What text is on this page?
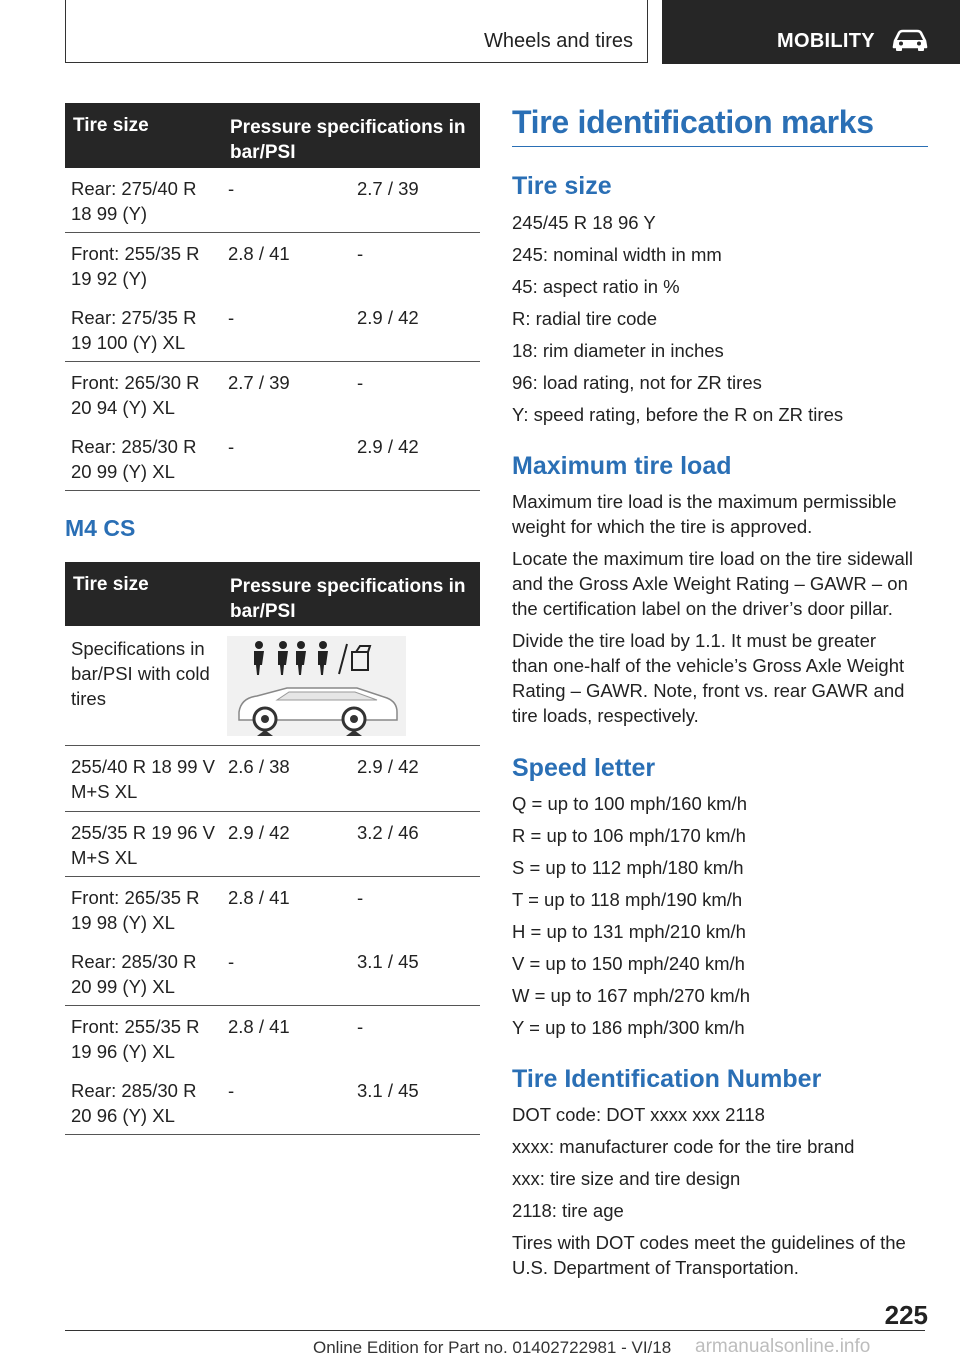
Wheels and tires	MOBILITY
Tire size	Pressure specifications in bar/PSI
Rear: 275/40 R 18 99 (Y)
-	2.7 / 39
Front: 255/35 R 19 92 (Y)
2.8 / 41	-
Rear: 275/35 R 19 100 (Y) XL
-	2.9 / 42
Front: 265/30 R 20 94 (Y) XL
2.7 / 39	-
Rear: 285/30 R 20 99 (Y) XL
-	2.9 / 42
M4 CS
Tire size	Pressure specifications in bar/PSI
Specifications in bar/PSI with cold tires
255/40 R 18 99 V M+S XL
2.6 / 38	2.9 / 42
255/35 R 19 96 V M+S XL
2.9 / 42	3.2 / 46
Front: 265/35 R 19 98 (Y) XL
2.8 / 41	-
Rear: 285/30 R 20 99 (Y) XL
-	3.1 / 45
Front: 255/35 R 19 96 (Y) XL
2.8 / 41	-
Rear: 285/30 R 20 96 (Y) XL
-	3.1 / 45
Tire identification marks
Tire size
245/45 R 18 96 Y
245: nominal width in mm
45: aspect ratio in %
R: radial tire code
18: rim diameter in inches
96: load rating, not for ZR tires
Y: speed rating, before the R on ZR tires
Maximum tire load
Maximum tire load is the maximum permissible
weight for which the tire is approved.
Locate the maximum tire load on the tire sidewall
and the Gross Axle Weight Rating – GAWR – on
the certification label on the driver’s door pillar.
Divide the tire load by 1.1. It must be greater
than one-half of the vehicle’s Gross Axle Weight
Rating – GAWR. Note, front vs. rear GAWR and
tire loads, respectively.
Speed letter
Q = up to 100 mph/160 km/h
R = up to 106 mph/170 km/h
S = up to 112 mph/180 km/h
T = up to 118 mph/190 km/h
H = up to 131 mph/210 km/h
V = up to 150 mph/240 km/h
W = up to 167 mph/270 km/h
Y = up to 186 mph/300 km/h
Tire Identification Number
DOT code: DOT xxxx xxx 2118
xxxx: manufacturer code for the tire brand
xxx: tire size and tire design
2118: tire age
Tires with DOT codes meet the guidelines of the
U.S. Department of Transportation.
225
Online Edition for Part no. 01402722981 - VI/18 armanualsonline.info
